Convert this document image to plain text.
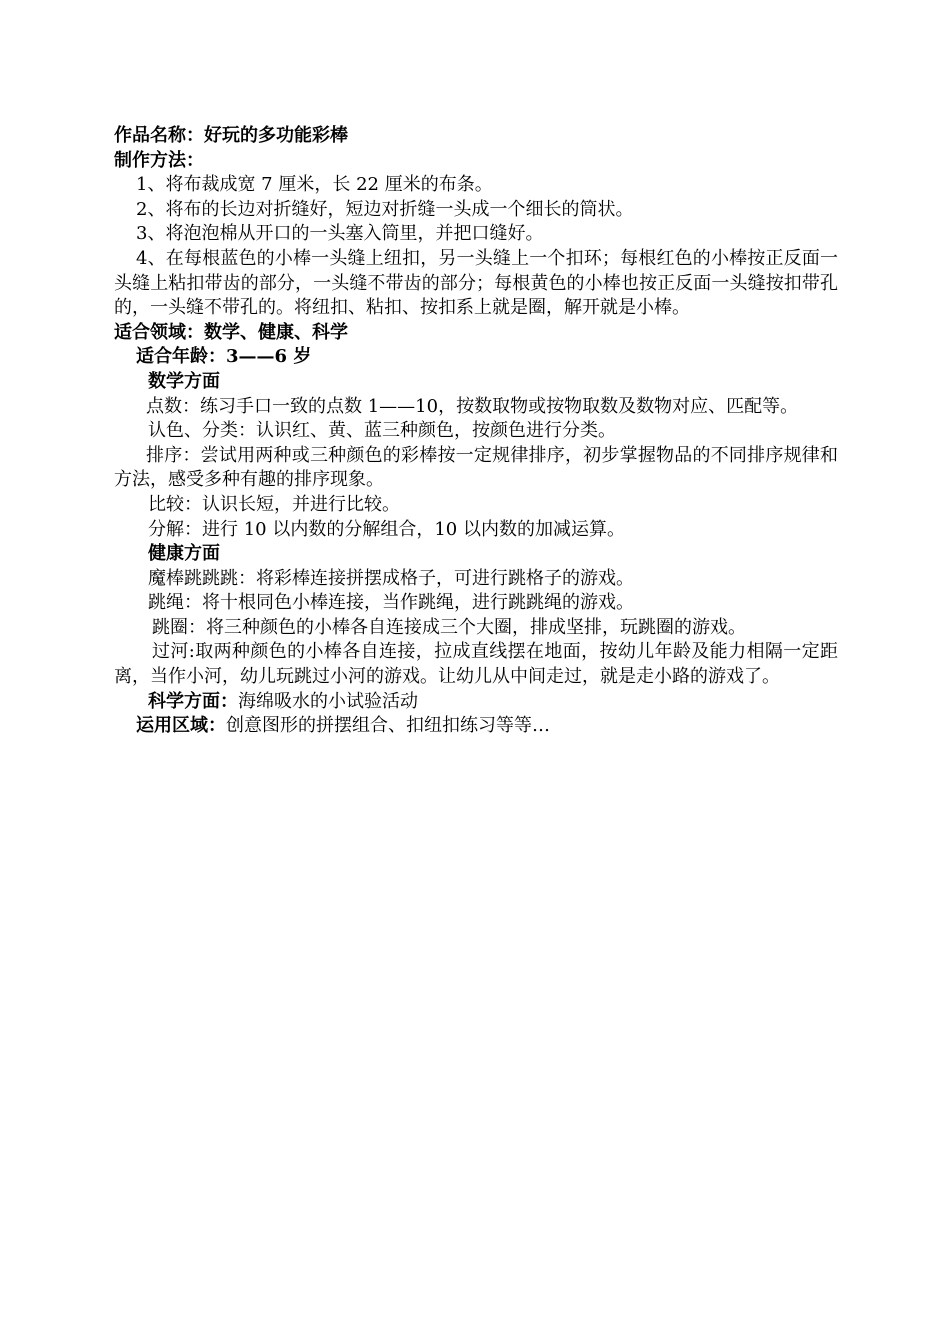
作品名称：好玩的多功能彩棒

制作方法：

1、将布裁成宽 7 厘米，长 22 厘米的布条。

2、将布的长边对折缝好，短边对折缝一头成一个细长的筒状。

3、将泡泡棉从开口的一头塞入筒里，并把口缝好。

4、在每根蓝色的小棒一头缝上纽扣，另一头缝上一个扣环；每根红色的小棒按正反面一头缝上粘扣带齿的部分，一头缝不带齿的部分；每根黄色的小棒也按正反面一头缝按扣带孔的，一头缝不带孔的。将纽扣、粘扣、按扣系上就是圈，解开就是小棒。

适合领域：数学、健康、科学

适合年龄：3——6 岁

数学方面

点数：练习手口一致的点数 1——10，按数取物或按物取数及数物对应、匹配等。

认色、分类：认识红、黄、蓝三种颜色，按颜色进行分类。

排序：尝试用两种或三种颜色的彩棒按一定规律排序，初步掌握物品的不同排序规律和方法，感受多种有趣的排序现象。

比较：认识长短，并进行比较。

分解：进行 10 以内数的分解组合，10 以内数的加减运算。

健康方面

魔棒跳跳跳：将彩棒连接拼摆成格子，可进行跳格子的游戏。

跳绳：将十根同色小棒连接，当作跳绳，进行跳跳绳的游戏。

跳圈：将三种颜色的小棒各自连接成三个大圈，排成坚排，玩跳圈的游戏。

过河:取两种颜色的小棒各自连接，拉成直线摆在地面，按幼儿年龄及能力相隔一定距离，当作小河，幼儿玩跳过小河的游戏。让幼儿从中间走过，就是走小路的游戏了。

科学方面：海绵吸水的小试验活动

运用区域：创意图形的拼摆组合、扣纽扣练习等等…
